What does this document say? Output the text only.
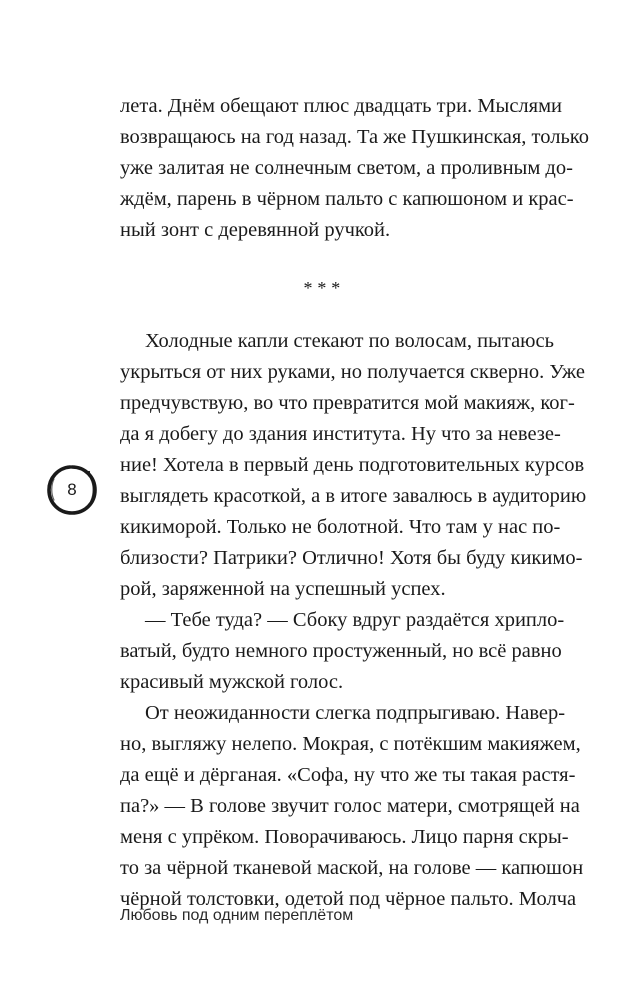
лета. Днём обещают плюс двадцать три. Мыслями
возвращаюсь на год назад. Та же Пушкинская, только
уже залитая не солнечным светом, а проливным до-
ждём, парень в чёрном пальто с капюшоном и крас-
ный зонт с деревянной ручкой.
* * *
Холодные капли стекают по волосам, пытаюсь
укрыться от них руками, но получается скверно. Уже
предчувствую, во что превратится мой макияж, ког-
да я добегу до здания института. Ну что за невезе-
ние! Хотела в первый день подготовительных курсов
выглядеть красоткой, а в итоге завалюсь в аудиторию
кикиморой. Только не болотной. Что там у нас по-
близости? Патрики? Отлично! Хотя бы буду кикимо-
рой, заряженной на успешный успех.
— Тебе туда? — Сбоку вдруг раздаётся хрипло-
ватый, будто немного простуженный, но всё равно
красивый мужской голос.
От неожиданности слегка подпрыгиваю. Навер-
но, выгляжу нелепо. Мокрая, с потёкшим макияжем,
да ещё и дёрганая. «Софа, ну что же ты такая растя-
па?» — В голове звучит голос матери, смотрящей на
меня с упрёком. Поворачиваюсь. Лицо парня скры-
то за чёрной тканевой маской, на голове — капюшон
чёрной толстовки, одетой под чёрное пальто. Молча
8
Любовь под одним переплётом
